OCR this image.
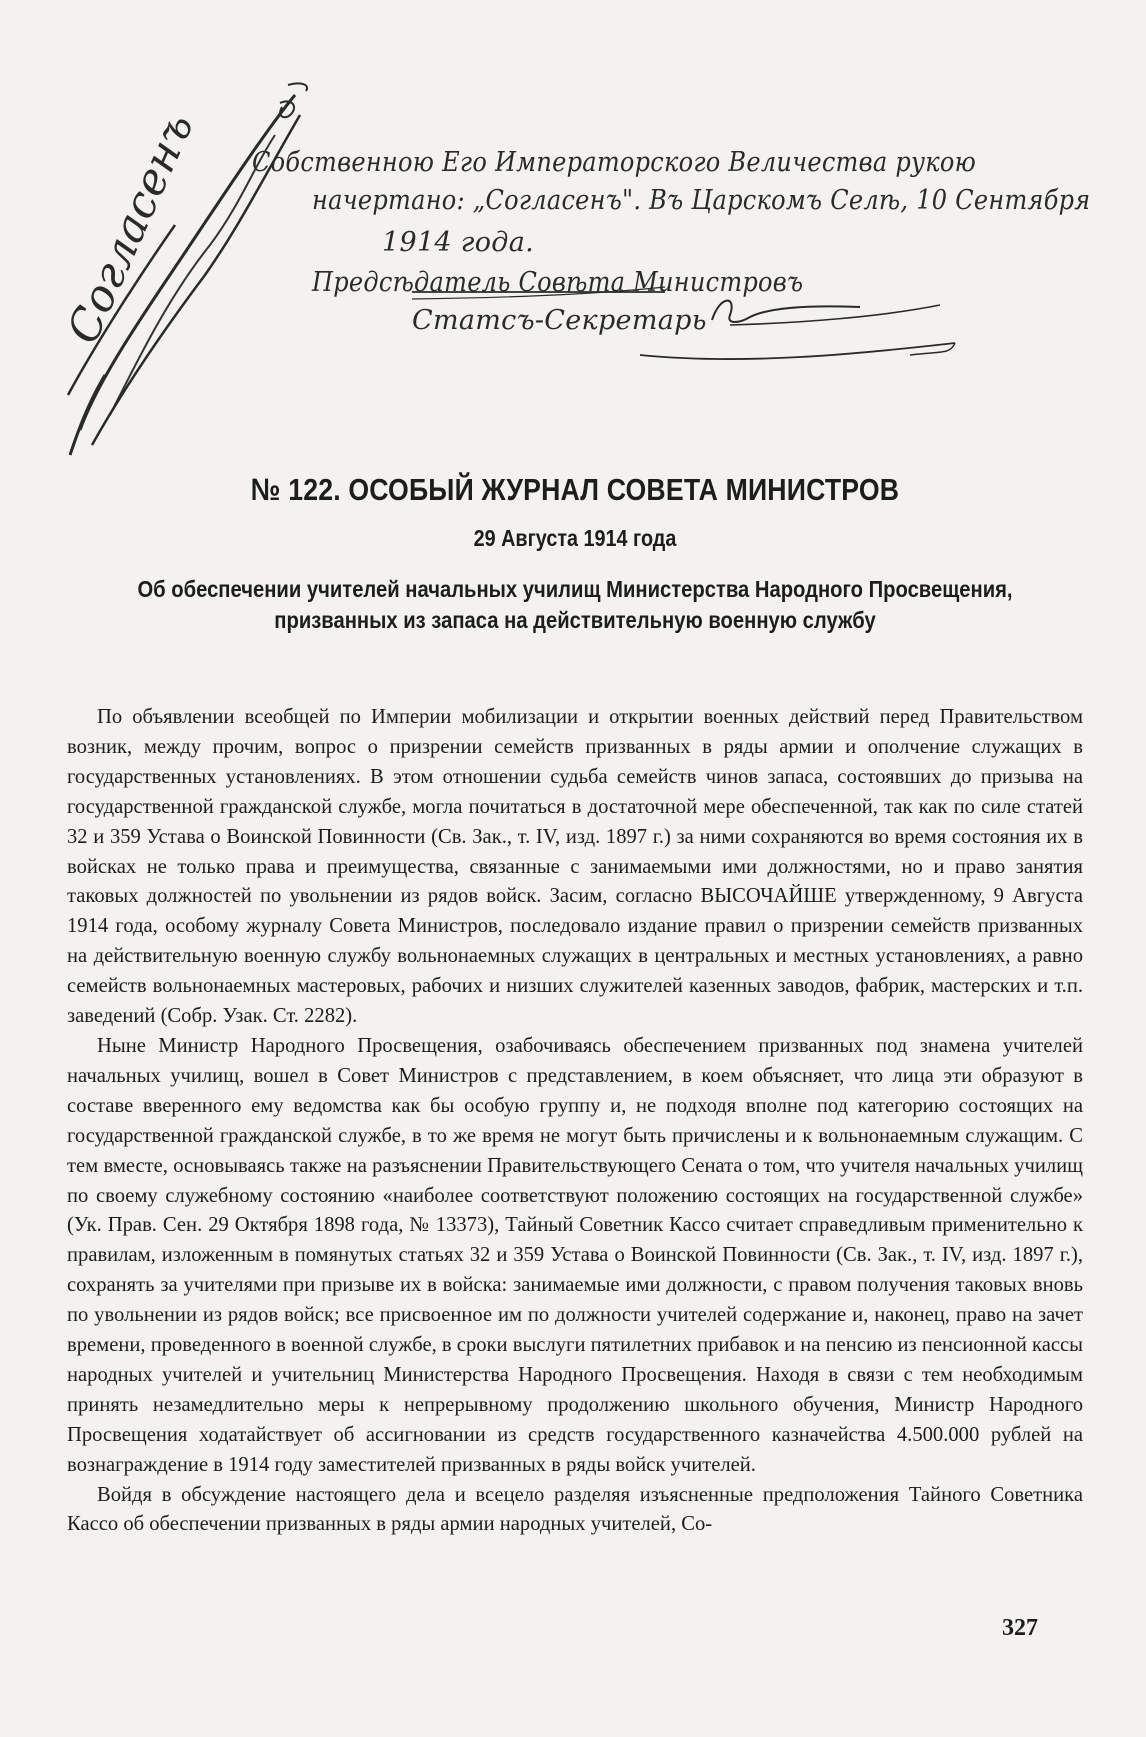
Согласенъ Собственною Его Императорского Величества рукою
начертано: „Согласенъ". Въ Царскомъ Селѣ, 10 Сентября
1914 года.
Предсѣдатель Совѣта Министровъ
Статсъ-Секретарь
№ 122. ОСОБЫЙ ЖУРНАЛ СОВЕТА МИНИСТРОВ
29 Августа 1914 года
Об обеспечении учителей начальных училищ Министерства Народного Просвещения, призванных из запаса на действительную военную службу

По объявлении всеобщей по Империи мобилизации и открытии военных действий перед Правительством возник, между прочим, вопрос о призрении семейств призванных в ряды армии и ополчение служащих в государственных установлениях. В этом отношении судьба семейств чинов запаса, состоявших до призыва на государственной гражданской службе, могла почитаться в достаточной мере обеспеченной, так как по силе статей 32 и 359 Устава о Воинской Повинности (Св. Зак., т. IV, изд. 1897 г.) за ними сохраняются во время состояния их в войсках не только права и преимущества, связанные с занимаемыми ими должностями, но и право занятия таковых должностей по увольнении из рядов войск. Засим, согласно ВЫСОЧАЙШЕ утвержденному, 9 Августа 1914 года, особому журналу Совета Министров, последовало издание правил о призрении семейств призванных на действительную военную службу вольнонаемных служащих в центральных и местных установлениях, а равно семейств вольнонаемных мастеровых, рабочих и низших служителей казенных заводов, фабрик, мастерских и т.п. заведений (Собр. Узак. Ст. 2282).

Ныне Министр Народного Просвещения, озабочиваясь обеспечением призванных под знамена учителей начальных училищ, вошел в Совет Министров с представлением, в коем объясняет, что лица эти образуют в составе вверенного ему ведомства как бы особую группу и, не подходя вполне под категорию состоящих на государственной гражданской службе, в то же время не могут быть причислены и к вольнонаемным служащим. С тем вместе, основываясь также на разъяснении Правительствующего Сената о том, что учителя начальных училищ по своему служебному состоянию «наиболее соответствуют положению состоящих на государственной службе» (Ук. Прав. Сен. 29 Октября 1898 года, № 13373), Тайный Советник Кассо считает справедливым применительно к правилам, изложенным в помянутых статьях 32 и 359 Устава о Воинской Повинности (Св. Зак., т. IV, изд. 1897 г.), сохранять за учителями при призыве их в войска: занимаемые ими должности, с правом получения таковых вновь по увольнении из рядов войск; все присвоенное им по должности учителей содержание и, наконец, право на зачет времени, проведенного в военной службе, в сроки выслуги пятилетних прибавок и на пенсию из пенсионной кассы народных учителей и учительниц Министерства Народного Просвещения. Находя в связи с тем необходимым принять незамедлительно меры к непрерывному продолжению школьного обучения, Министр Народного Просвещения ходатайствует об ассигновании из средств государственного казначейства 4.500.000 рублей на вознаграждение в 1914 году заместителей призванных в ряды войск учителей.

Войдя в обсуждение настоящего дела и всецело разделяя изъясненные предположения Тайного Советника Кассо об обеспечении призванных в ряды армии народных учителей, Со-

327
